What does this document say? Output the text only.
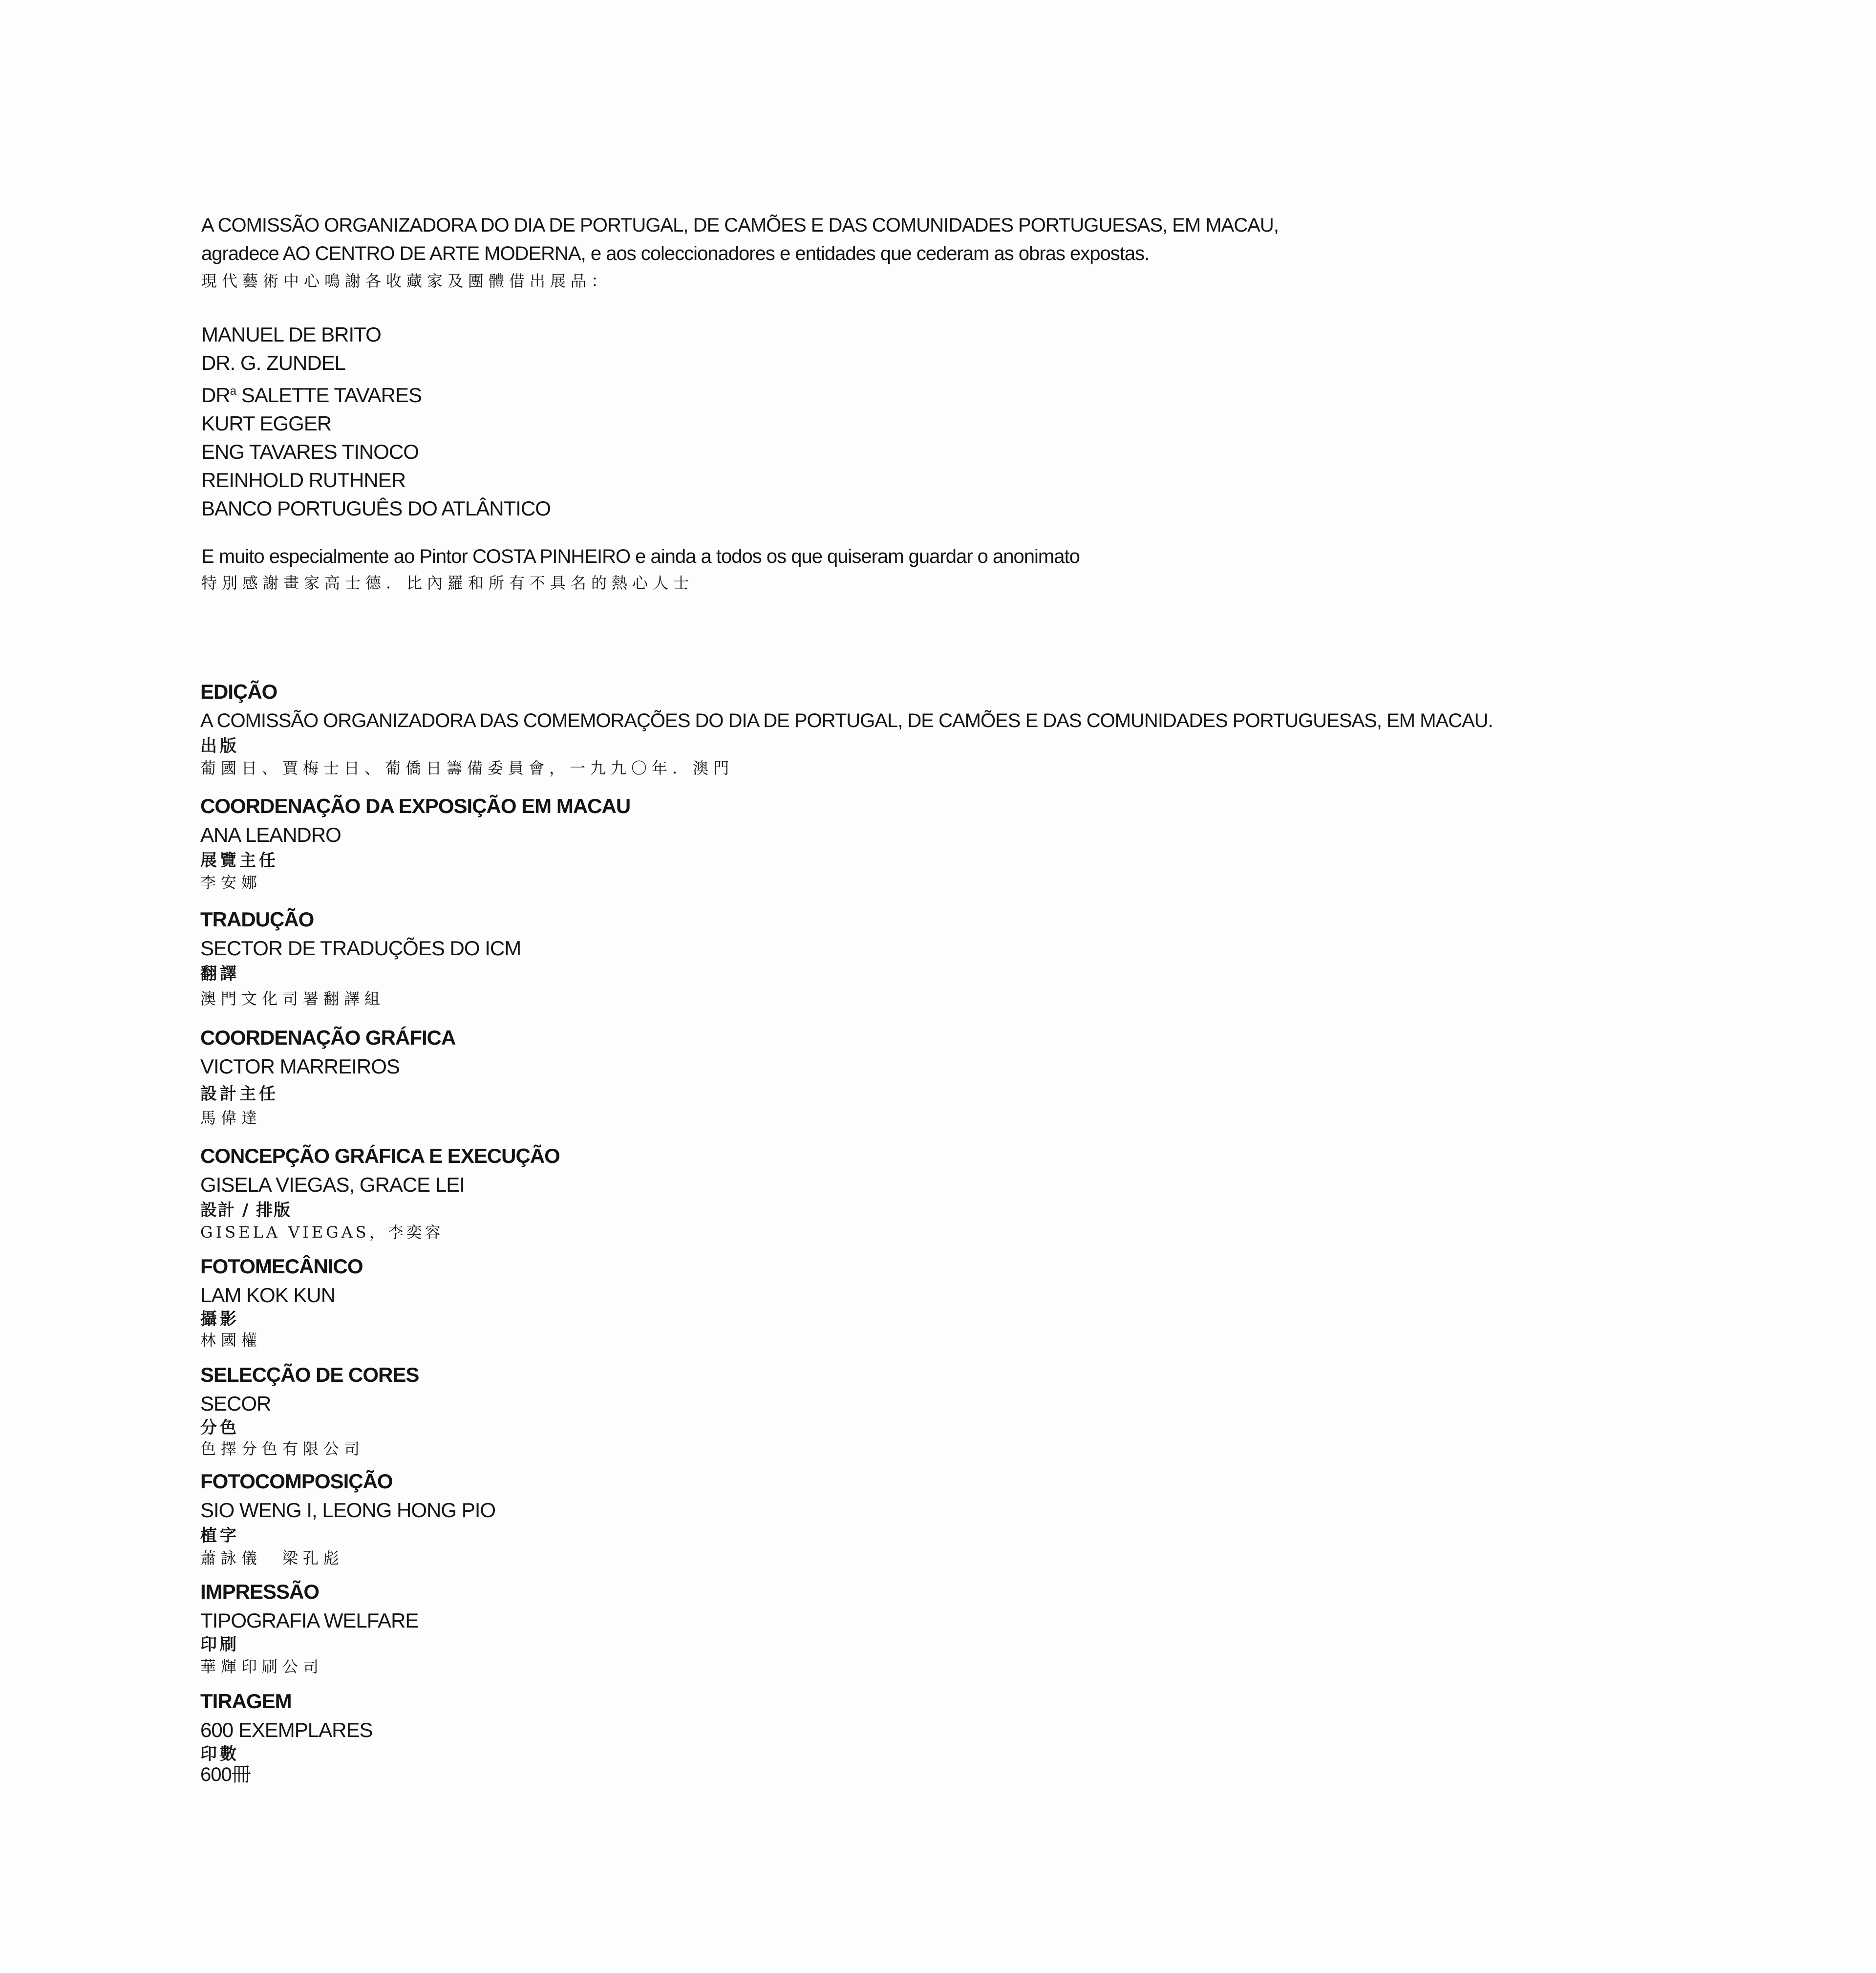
A COMISSÃO ORGANIZADORA DO DIA DE PORTUGAL, DE CAMÕES E DAS COMUNIDADES PORTUGUESAS, EM MACAU,
agradece AO CENTRO DE ARTE MODERNA, e aos coleccionadores e entidades que cederam as obras expostas.
現代藝術中心鳴謝各收藏家及團體借出展品：
MANUEL DE BRITO
DR. G. ZUNDEL
$DR^a$ SALETTE TAVARES
KURT EGGER
ENG TAVARES TINOCO
REINHOLD RUTHNER
BANCO PORTUGUÊS DO ATLÂNTICO
E muito especialmente ao Pintor COSTA PINHEIRO e ainda a todos os que quiseram guardar o anonimato
特別感謝畫家高士德．比內羅和所有不具名的熱心人士
EDIÇÃO
A COMISSÃO ORGANIZADORA DAS COMEMORAÇÕES DO DIA DE PORTUGAL, DE CAMÕES E DAS COMUNIDADES PORTUGUESAS, EM MACAU.
出版
葡國日、賈梅士日、葡僑日籌備委員會，一九九〇年．澳門
COORDENAÇÃO DA EXPOSIÇÃO EM MACAU
ANA LEANDRO
展覽主任
李安娜
TRADUÇÃO
SECTOR DE TRADUÇÕES DO ICM
翻譯
澳門文化司署翻譯組
COORDENAÇÃO GRÁFICA
VICTOR MARREIROS
設計主任
馬偉達
CONCEPÇÃO GRÁFICA E EXECUÇÃO
GISELA VIEGAS, GRACE LEI
設計 / 排版
GISELA VIEGAS，李奕容
FOTOMECÂNICO
LAM KOK KUN
攝影
林國權
SELECÇÃO DE CORES
SECOR
分色
色擇分色有限公司
FOTOCOMPOSIÇÃO
SIO WENG I, LEONG HONG PIO
植字
蕭詠儀　梁孔彪
IMPRESSÃO
TIPOGRAFIA WELFARE
印刷
華輝印刷公司
TIRAGEM
600 EXEMPLARES
印數
600冊
